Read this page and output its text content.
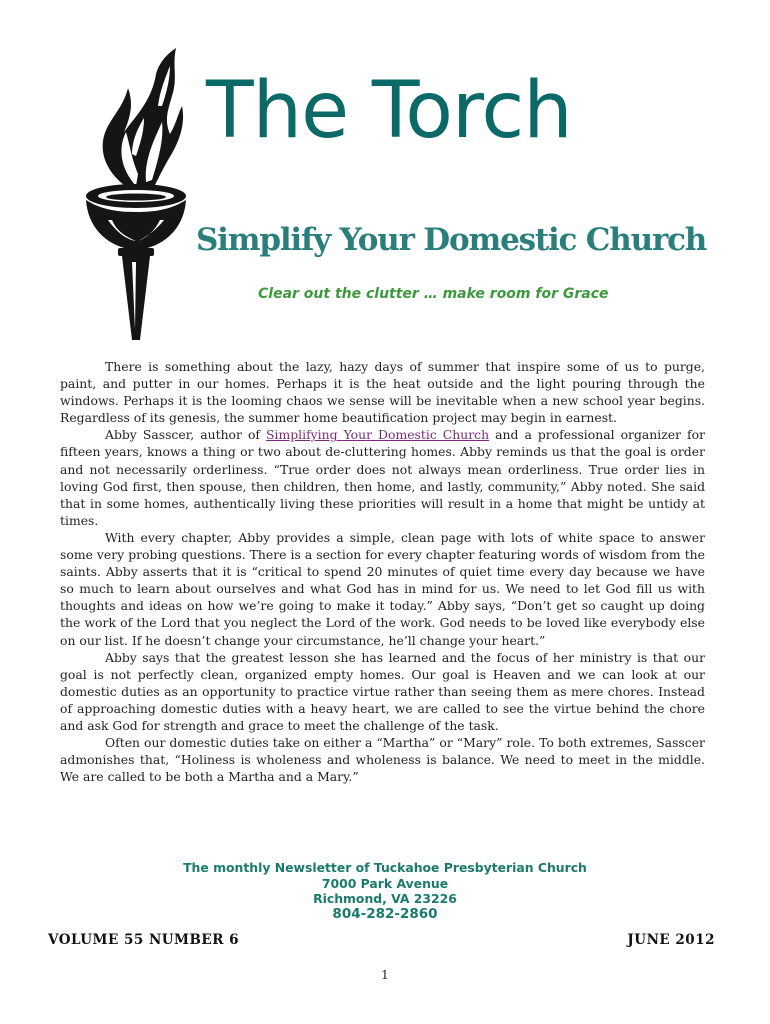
The Torch
Simplify Your Domestic Church
Clear out the clutter … make room for Grace

There is something about the lazy, hazy days of summer that inspire some of us to purge, paint, and putter in our homes. Perhaps it is the heat outside and the light pouring through the windows. Perhaps it is the looming chaos we sense will be inevitable when a new school year begins. Regardless of its genesis, the summer home beautification project may begin in earnest.

Abby Sasscer, author of Simplifying Your Domestic Church and a professional organizer for fifteen years, knows a thing or two about de-cluttering homes. Abby reminds us that the goal is order and not necessarily orderliness. “True order does not always mean orderliness. True order lies in loving God first, then spouse, then children, then home, and lastly, community,” Abby noted. She said that in some homes, authentically living these priorities will result in a home that might be untidy at times.

With every chapter, Abby provides a simple, clean page with lots of white space to answer some very probing questions. There is a section for every chapter featuring words of wisdom from the saints. Abby asserts that it is “critical to spend 20 minutes of quiet time every day because we have so much to learn about ourselves and what God has in mind for us. We need to let God fill us with thoughts and ideas on how we’re going to make it today.” Abby says, “Don’t get so caught up doing the work of the Lord that you neglect the Lord of the work. God needs to be loved like everybody else on our list. If he doesn’t change your circumstance, he’ll change your heart.”

Abby says that the greatest lesson she has learned and the focus of her ministry is that our goal is not perfectly clean, organized empty homes. Our goal is Heaven and we can look at our domestic duties as an opportunity to practice virtue rather than seeing them as mere chores. Instead of approaching domestic duties with a heavy heart, we are called to see the virtue behind the chore and ask God for strength and grace to meet the challenge of the task.

Often our domestic duties take on either a “Martha” or “Mary” role. To both extremes, Sasscer admonishes that, “Holiness is wholeness and wholeness is balance. We need to meet in the middle. We are called to be both a Martha and a Mary.”

The monthly Newsletter of Tuckahoe Presbyterian Church
7000 Park Avenue
Richmond, VA 23226
804-282-2860
VOLUME 55 NUMBER 6	JUNE 2012
1
